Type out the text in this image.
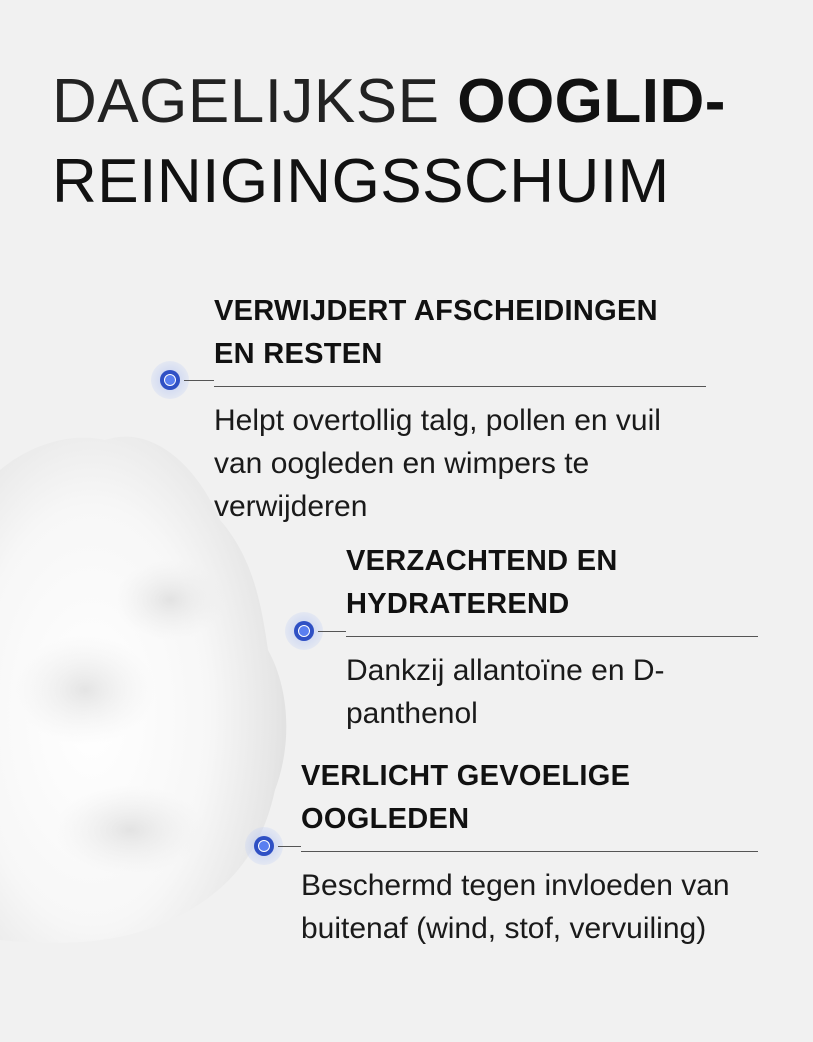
DAGELIJKSE OOGLID-
REINIGINGSSCHUIM

VERWIJDERT AFSCHEIDINGEN
EN RESTEN

Helpt overtollig talg, pollen en vuil van oogleden en wimpers te verwijderen

VERZACHTEND EN
HYDRATEREND

Dankzij allantoïne en D-panthenol

VERLICHT GEVOELIGE
OOGLEDEN

Beschermd tegen invloeden van buitenaf (wind, stof, vervuiling)
